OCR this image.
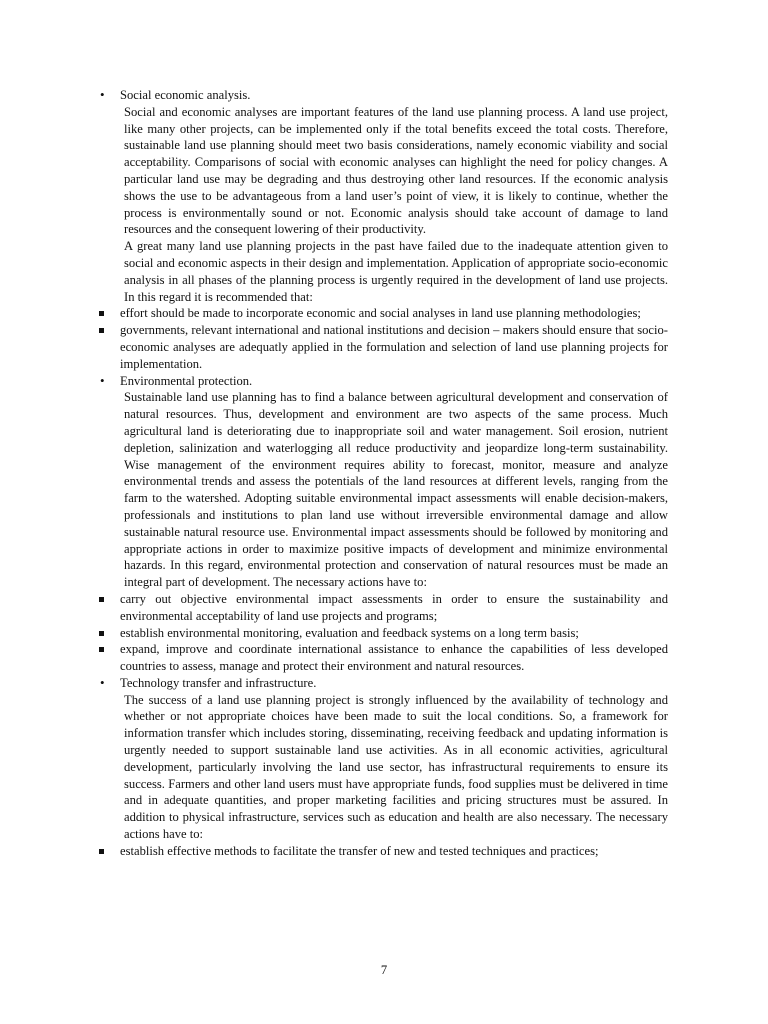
• Social economic analysis.
Social and economic analyses are important features of the land use planning process. A land use project, like many other projects, can be implemented only if the total benefits exceed the total costs. Therefore, sustainable land use planning should meet two basis considerations, namely economic viability and social acceptability. Comparisons of social with economic analyses can highlight the need for policy changes. A particular land use may be degrading and thus destroying other land resources. If the economic analysis shows the use to be advantageous from a land user’s point of view, it is likely to continue, whether the process is environmentally sound or not. Economic analysis should take account of damage to land resources and the consequent lowering of their productivity.
A great many land use planning projects in the past have failed due to the inadequate attention given to social and economic aspects in their design and implementation. Application of appropriate socio-economic analysis in all phases of the planning process is urgently required in the development of land use projects. In this regard it is recommended that:
effort should be made to incorporate economic and social analyses in land use planning methodologies;
governments, relevant international and national institutions and decision – makers should ensure that socio-economic analyses are adequatly applied in the formulation and selection of land use planning projects for implementation.
• Environmental protection.
Sustainable land use planning has to find a balance between agricultural development and conservation of natural resources. Thus, development and environment are two aspects of the same process. Much agricultural land is deteriorating due to inappropriate soil and water management. Soil erosion, nutrient depletion, salinization and waterlogging all reduce productivity and jeopardize long-term sustainability. Wise management of the environment requires ability to forecast, monitor, measure and analyze environmental trends and assess the potentials of the land resources at different levels, ranging from the farm to the watershed. Adopting suitable environmental impact assessments will enable decision-makers, professionals and institutions to plan land use without irreversible environmental damage and allow sustainable natural resource use. Environmental impact assessments should be followed by monitoring and appropriate actions in order to maximize positive impacts of development and minimize environmental hazards. In this regard, environmental protection and conservation of natural resources must be made an integral part of development. The necessary actions have to:
carry out objective environmental impact assessments in order to ensure the sustainability and environmental acceptability of land use projects and programs;
establish environmental monitoring, evaluation and feedback systems on a long term basis;
expand, improve and coordinate international assistance to enhance the capabilities of less developed countries to assess, manage and protect their environment and natural resources.
• Technology transfer and infrastructure.
The success of a land use planning project is strongly influenced by the availability of technology and whether or not appropriate choices have been made to suit the local conditions. So, a framework for information transfer which includes storing, disseminating, receiving feedback and updating information is urgently needed to support sustainable land use activities. As in all economic activities, agricultural development, particularly involving the land use sector, has infrastructural requirements to ensure its success. Farmers and other land users must have appropriate funds, food supplies must be delivered in time and in adequate quantities, and proper marketing facilities and pricing structures must be assured. In addition to physical infrastructure, services such as education and health are also necessary. The necessary actions have to:
establish effective methods to facilitate the transfer of new and tested techniques and practices;
7
